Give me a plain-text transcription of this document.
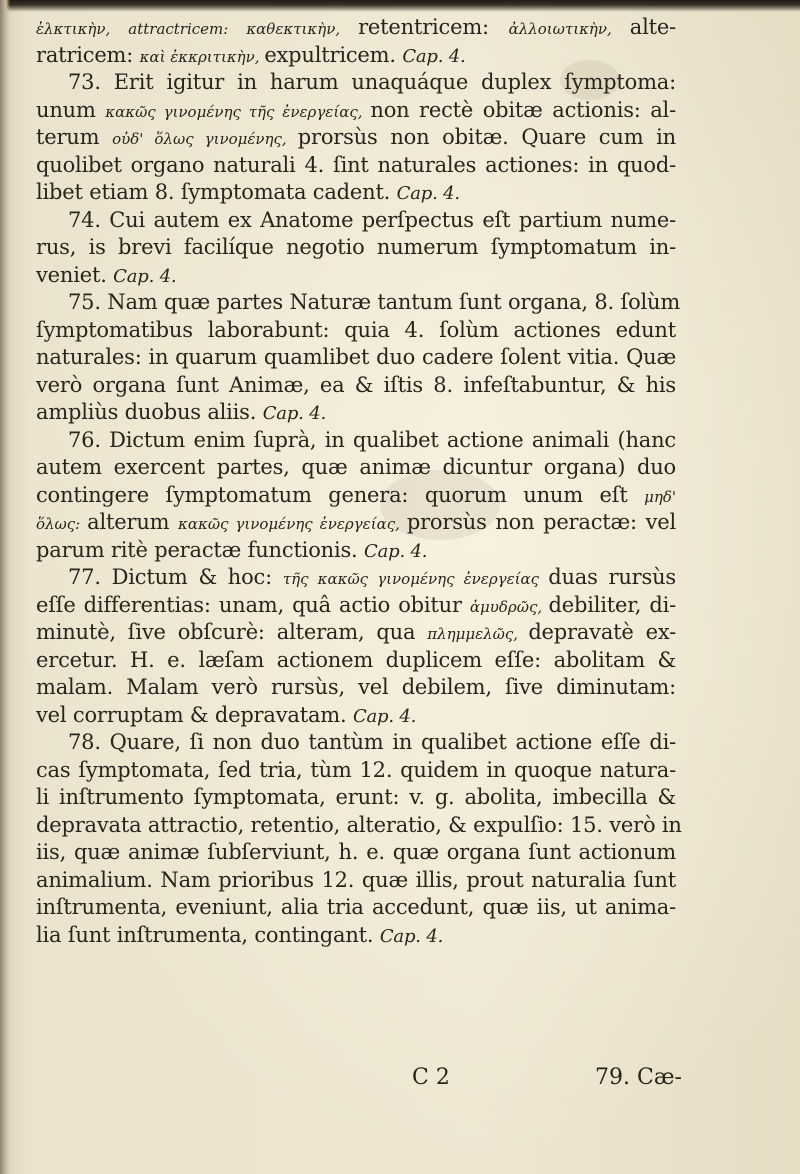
ἑλκτικὴν, attractricem: καθεκτικὴν, retentricem: ἀλλοιωτικὴν, alte-
ratricem: καὶ ἐκκριτικὴν, expultricem. Cap. 4.
73. Erit igitur in harum unaquáque duplex ſymptoma:
unum κακῶς γινομένης τῆς ἐνεργείας, non rectè obitæ actionis: al-
terum οὐδ' ὅλως γινομένης, prorsùs non obitæ. Quare cum in
quolibet organo naturali 4. ſint naturales actiones: in quod-
libet etiam 8. ſymptomata cadent. Cap. 4.
74. Cui autem ex Anatome perſpectus eſt partium nume-
rus, is brevi facilíque negotio numerum ſymptomatum in-
veniet. Cap. 4.
75. Nam quæ partes Naturæ tantum ſunt organa, 8. ſolùm
ſymptomatibus laborabunt: quia 4. ſolùm actiones edunt
naturales: in quarum quamlibet duo cadere ſolent vitia. Quæ
verò organa ſunt Animæ, ea & iſtis 8. infeſtabuntur, & his
ampliùs duobus aliis. Cap. 4.
76. Dictum enim ſuprà, in qualibet actione animali (hanc
autem exercent partes, quæ animæ dicuntur organa) duo
contingere ſymptomatum genera: quorum unum eſt μηδ'
ὅλως: alterum κακῶς γινομένης ἐνεργείας, prorsùs non peractæ: vel
parum ritè peractæ functionis. Cap. 4.
77. Dictum & hoc: τῆς κακῶς γινομένης ἐνεργείας duas rursùs
eſſe differentias: unam, quâ actio obitur ἀμυδρῶς, debiliter, di-
minutè, ſive obſcurè: alteram, qua πλημμελῶς, depravatè ex-
ercetur. H. e. læſam actionem duplicem eſſe: abolitam &
malam. Malam verò rursùs, vel debilem, ſive diminutam:
vel corruptam & depravatam. Cap. 4.
78. Quare, ſi non duo tantùm in qualibet actione eſſe di-
cas ſymptomata, ſed tria, tùm 12. quidem in quoque natura-
li inſtrumento ſymptomata, erunt: v. g. abolita, imbecilla &
depravata attractio, retentio, alteratio, & expulſio: 15. verò in
iis, quæ animæ ſubſerviunt, h. e. quæ organa ſunt actionum
animalium. Nam prioribus 12. quæ illis, prout naturalia ſunt
inſtrumenta, eveniunt, alia tria accedunt, quæ iis, ut anima-
lia ſunt inſtrumenta, contingant. Cap. 4.
C 2	79. Cæ-
